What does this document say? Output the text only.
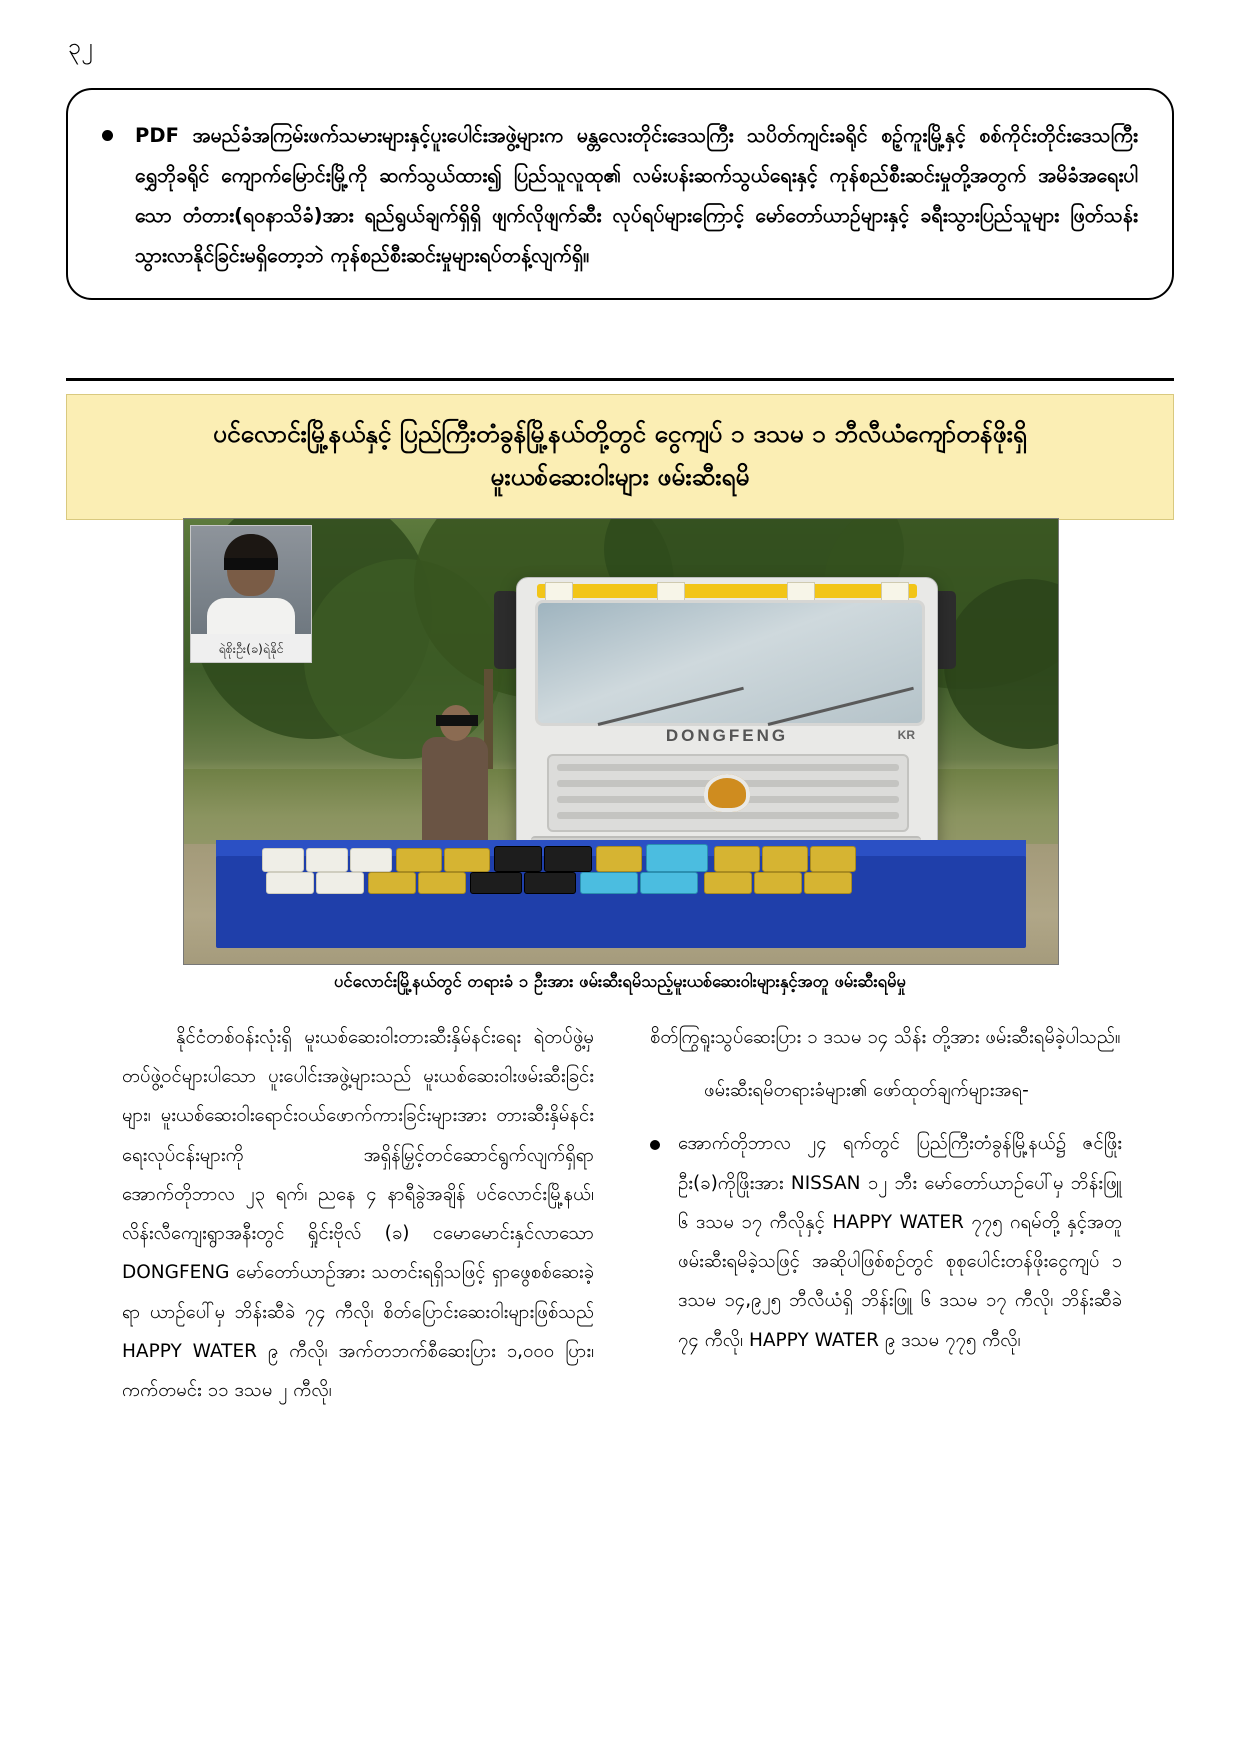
၃၂
PDF အမည်ခံအကြမ်းဖက်သမားများနှင့်ပူးပေါင်းအဖွဲ့များက မန္တလေးတိုင်းဒေသကြီး သပိတ်ကျင်းခရိုင် စဉ့်ကူးမြို့နှင့် စစ်ကိုင်းတိုင်းဒေသကြီး ရွှေဘိုခရိုင် ကျောက်မြောင်းမြို့ကို ဆက်သွယ်ထား၍ ပြည်သူလူထု၏ လမ်းပန်းဆက်သွယ်ရေးနှင့် ကုန်စည်စီးဆင်းမှုတို့အတွက် အမိခံအရေးပါသော တံတား(ရဝနာသိခံ)အား ရည်ရွယ်ချက်ရှိရှိ ဖျက်လိုဖျက်ဆီး လုပ်ရပ်များကြောင့် မော်တော်ယာဉ်များနှင့် ခရီးသွားပြည်သူများ ဖြတ်သန်းသွားလာနိုင်ခြင်းမရှိတော့ဘဲ ကုန်စည်စီးဆင်းမှုများရပ်တန့်လျက်ရှိ။
ပင်လောင်းမြို့နယ်နှင့် ပြည်ကြီးတံခွန်မြို့နယ်တို့တွင် ငွေကျပ် ၁ ဒသမ ၁ ဘီလီယံကျော်တန်ဖိုးရှိ
မူးယစ်ဆေးဝါးများ ဖမ်းဆီးရမိ
DONGFENG	KR
ရဲစိုးဦး(ခ)ရဲနိုင်
ပင်လောင်းမြို့နယ်တွင် တရားခံ ၁ ဦးအား ဖမ်းဆီးရမိသည့်မူးယစ်ဆေးဝါးများနှင့်အတူ ဖမ်းဆီးရမိမှု

နိုင်ငံတစ်ဝန်းလုံးရှိ မူးယစ်ဆေးဝါးတားဆီးနှိမ်နင်းရေး ရဲတပ်ဖွဲ့မှ တပ်ဖွဲ့ဝင်များပါသော ပူးပေါင်းအဖွဲ့များသည် မူးယစ်ဆေးဝါးဖမ်းဆီးခြင်းများ၊ မူးယစ်ဆေးဝါးရောင်းဝယ်ဖောက်ကားခြင်းများအား တားဆီးနှိမ်နင်းရေးလုပ်ငန်းများကို အရှိန်မြှင့်တင်ဆောင်ရွက်လျက်ရှိရာ အောက်တိုဘာလ ၂၃ ရက်၊ ညနေ ၄ နာရီခွဲအချိန် ပင်လောင်းမြို့နယ်၊ လိန်းလီကျေးရွာအနီးတွင် ရှိုင်းဗိုလ် (ခ) ငမောမောင်းနှင်လာသော DONGFENG မော်တော်ယာဉ်အား သတင်းရရှိသဖြင့် ရှာဖွေစစ်ဆေးခဲ့ရာ ယာဉ်ပေါ်မှ ဘိန်းဆီခဲ ၇၄ ကီလို၊ စိတ်ပြောင်းဆေးဝါးများဖြစ်သည် HAPPY WATER ၉ ကီလို၊ အက်တဘက်စီဆေးပြား ၁,၀၀၀ ပြား၊ ကက်တမင်း ၁၁ ဒသမ ၂ ကီလို၊

စိတ်ကြွရူးသွပ်ဆေးပြား ၁ ဒသမ ၁၄ သိန်း တို့အား ဖမ်းဆီးရမိခဲ့ပါသည်။

ဖမ်းဆီးရမိတရားခံများ၏ ဖော်ထုတ်ချက်များအရ-

အောက်တိုဘာလ ၂၄ ရက်တွင် ပြည်ကြီးတံခွန်မြို့နယ်၌ ဇင်ဖြိုးဦး(ခ)ကိုဖြိုးအား NISSAN ၁၂ ဘီး မော်တော်ယာဉ်ပေါ်မှ ဘိန်းဖြူ ၆ ဒသမ ၁၇ ကီလိုနှင့် HAPPY WATER ၇၇၅ ဂရမ်တို့ နှင့်အတူ ဖမ်းဆီးရမိခဲ့သဖြင့် အဆိုပါဖြစ်စဉ်တွင် စုစုပေါင်းတန်ဖိုးငွေကျပ် ၁ ဒသမ ၁၄,၉၂၅ ဘီလီယံရှိ ဘိန်းဖြူ ၆ ဒသမ ၁၇ ကီလို၊ ဘိန်းဆီခဲ ၇၄ ကီလို၊ HAPPY WATER ၉ ဒသမ ၇၇၅ ကီလို၊
